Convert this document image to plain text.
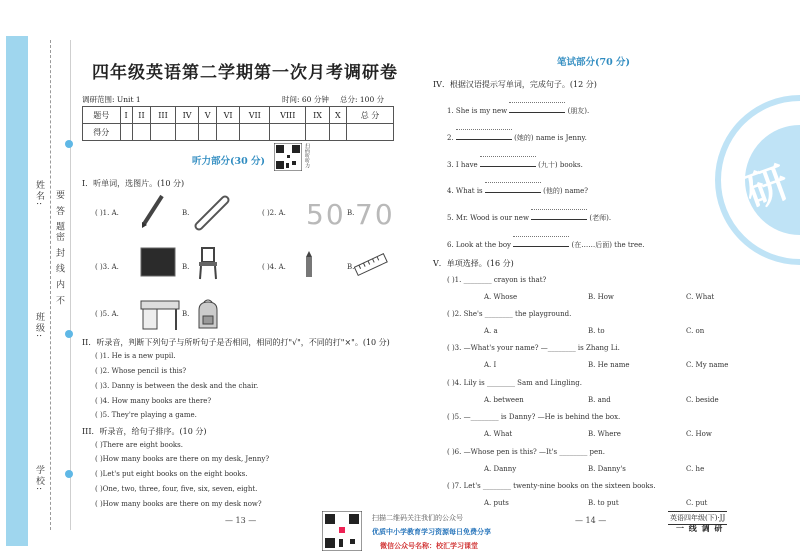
姓名:
班级:
学校:
要 答 题
密 封 线 内 不
四年级英语第二学期第一次月考调研卷
调研范围: Unit 1	时间: 60 分钟 总分: 100 分
题号	I	II	III	IV	V	VI	VII	VIII	IX	X	总 分
得分											
听力部分(30 分)	扫码听听力
I．听单词，选图片。(10 分)
( )1. A.	B.	( )2. A.	B.
( )3. A.	B.	( )4. A.	B.
( )5. A.	B.
50 70
II．听录音，判断下列句子与所听句子是否相同，相同的打"√"，不同的打"×"。(10 分)
( )1. He is a new pupil.
( )2. Whose pencil is this?
( )3. Danny is between the desk and the chair.
( )4. How many books are there?
( )5. They're playing a game.
III．听录音，给句子排序。(10 分)
( )There are eight books.
( )How many books are there on my desk, Jenny?
( )Let's put eight books on the eight books.
( )One, two, three, four, five, six, seven, eight.
( )How many books are there on my desk now?
— 13 —	扫描二维码关注我们的公众号
优质中小学教育学习资源每日免费分享
微信公众号名称：校汇学习课堂
— 14 —	英语四年级(下)·JJ
一 线 调 研
笔试部分(70 分)
IV．根据汉语提示写单词，完成句子。(12 分)
1. She is my new	(朋友).
2.	(她的) name is Jenny.
3. I have	(九十) books.
4. What is	(他的) name?
5. Mr. Wood is our new	(老师).
6. Look at the boy	(在……后面) the tree.
V．单项选择。(16 分)
( )1. ________ crayon is that?
A. Whose	B. How	C. What
( )2. She's ________ the playground.
A. a	B. to	C. on
( )3. —What's your name? —________ is Zhang Li.
A. I	B. He name	C. My name
( )4. Lily is ________ Sam and Lingling.
A. between	B. and	C. beside
( )5. —________ is Danny? —He is behind the box.
A. What	B. Where	C. How
( )6. —Whose pen is this? —It's ________ pen.
A. Danny	B. Danny's	C. he
( )7. Let's ________ twenty-nine books on the sixteen books.
A. puts	B. to put	C. put
研
